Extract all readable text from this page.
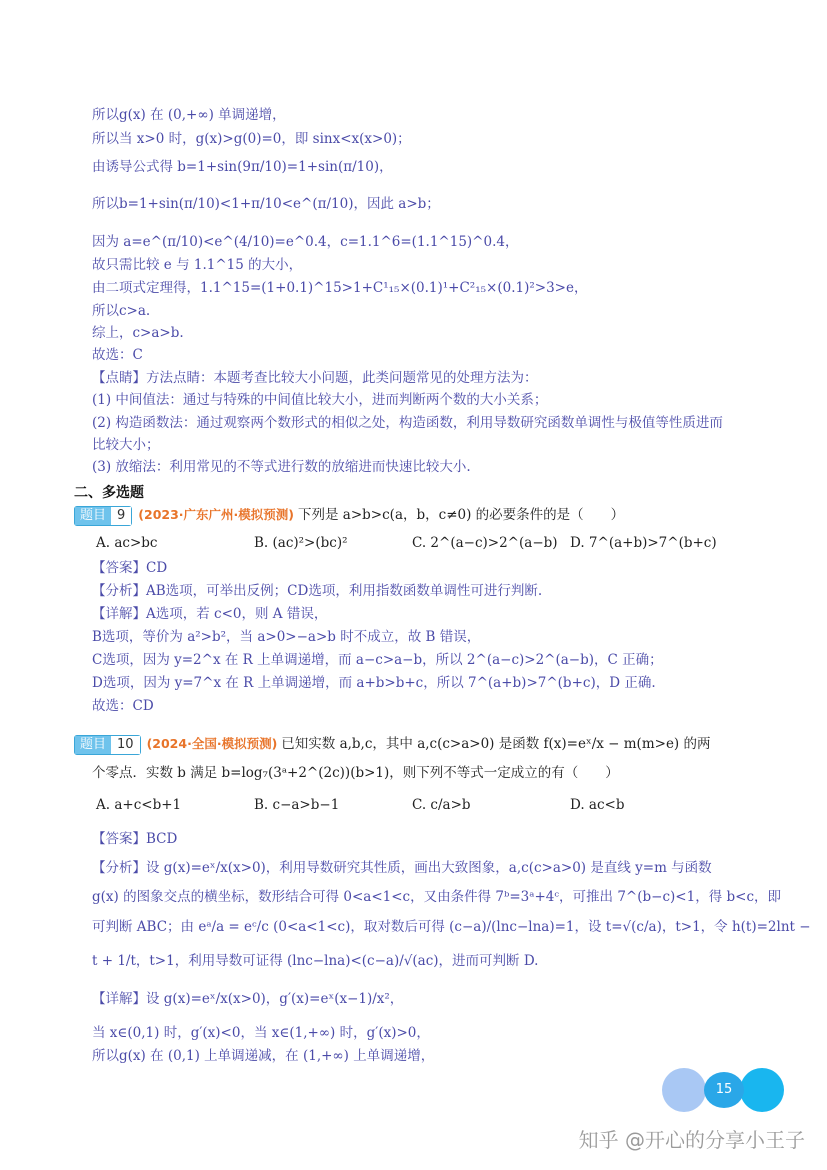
所以g(x) 在 (0,+∞) 单调递增，
所以当 x>0 时，g(x)>g(0)=0，即 sinx<x(x>0)；
由诱导公式得 b=1+sin(9π/10)=1+sin(π/10)，
所以b=1+sin(π/10)<1+π/10<e^(π/10)，因此 a>b；
因为 a=e^(π/10)<e^(4/10)=e^0.4，c=1.1^6=(1.1^15)^0.4，
故只需比较 e 与 1.1^15 的大小，
由二项式定理得，1.1^15=(1+0.1)^15>1+C¹₁₅×(0.1)¹+C²₁₅×(0.1)²>3>e，
所以c>a.
综上，c>a>b.
故选：C
【点睛】方法点睛：本题考查比较大小问题，此类问题常见的处理方法为：
(1) 中间值法：通过与特殊的中间值比较大小，进而判断两个数的大小关系；
(2) 构造函数法：通过观察两个数形式的相似之处，构造函数，利用导数研究函数单调性与极值等性质进而
比较大小；
(3) 放缩法：利用常见的不等式进行数的放缩进而快速比较大小.
二、多选题
题目 9	(2023·广东广州·模拟预测) 下列是 a>b>c(a，b，c≠0) 的必要条件的是（　　）
A. ac>bc	B. (ac)²>(bc)²	C. 2^(a−c)>2^(a−b) D. 7^(a+b)>7^(b+c)
【答案】CD
【分析】AB选项，可举出反例；CD选项，利用指数函数单调性可进行判断.
【详解】A选项，若 c<0，则 A 错误，
B选项，等价为 a²>b²，当 a>0>−a>b 时不成立，故 B 错误，
C选项，因为 y=2^x 在 R 上单调递增，而 a−c>a−b，所以 2^(a−c)>2^(a−b)，C 正确；
D选项，因为 y=7^x 在 R 上单调递增，而 a+b>b+c，所以 7^(a+b)>7^(b+c)，D 正确.
故选：CD
题目 10	(2024·全国·模拟预测) 已知实数 a,b,c，其中 a,c(c>a>0) 是函数 f(x)=eˣ/x − m(m>e) 的两
个零点．实数 b 满足 b=log₇(3ᵃ+2^(2c))(b>1)，则下列不等式一定成立的有（　　）
A. a+c<b+1	B. c−a>b−1	C. c/a>b	D. ac<b
【答案】BCD
【分析】设 g(x)=eˣ/x(x>0)，利用导数研究其性质，画出大致图象，a,c(c>a>0) 是直线 y=m 与函数
g(x) 的图象交点的横坐标，数形结合可得 0<a<1<c，又由条件得 7ᵇ=3ᵃ+4ᶜ，可推出 7^(b−c)<1，得 b<c，即
可判断 ABC；由 eᵃ/a = eᶜ/c (0<a<1<c)，取对数后可得 (c−a)/(lnc−lna)=1，设 t=√(c/a)，t>1，令 h(t)=2lnt −
t + 1/t，t>1，利用导数可证得 (lnc−lna)<(c−a)/√(ac)，进而可判断 D.
【详解】设 g(x)=eˣ/x(x>0)，g′(x)=eˣ(x−1)/x²，
当 x∈(0,1) 时，g′(x)<0，当 x∈(1,+∞) 时，g′(x)>0，
所以g(x) 在 (0,1) 上单调递减，在 (1,+∞) 上单调递增，
15
知乎 @开心的分享小王子
